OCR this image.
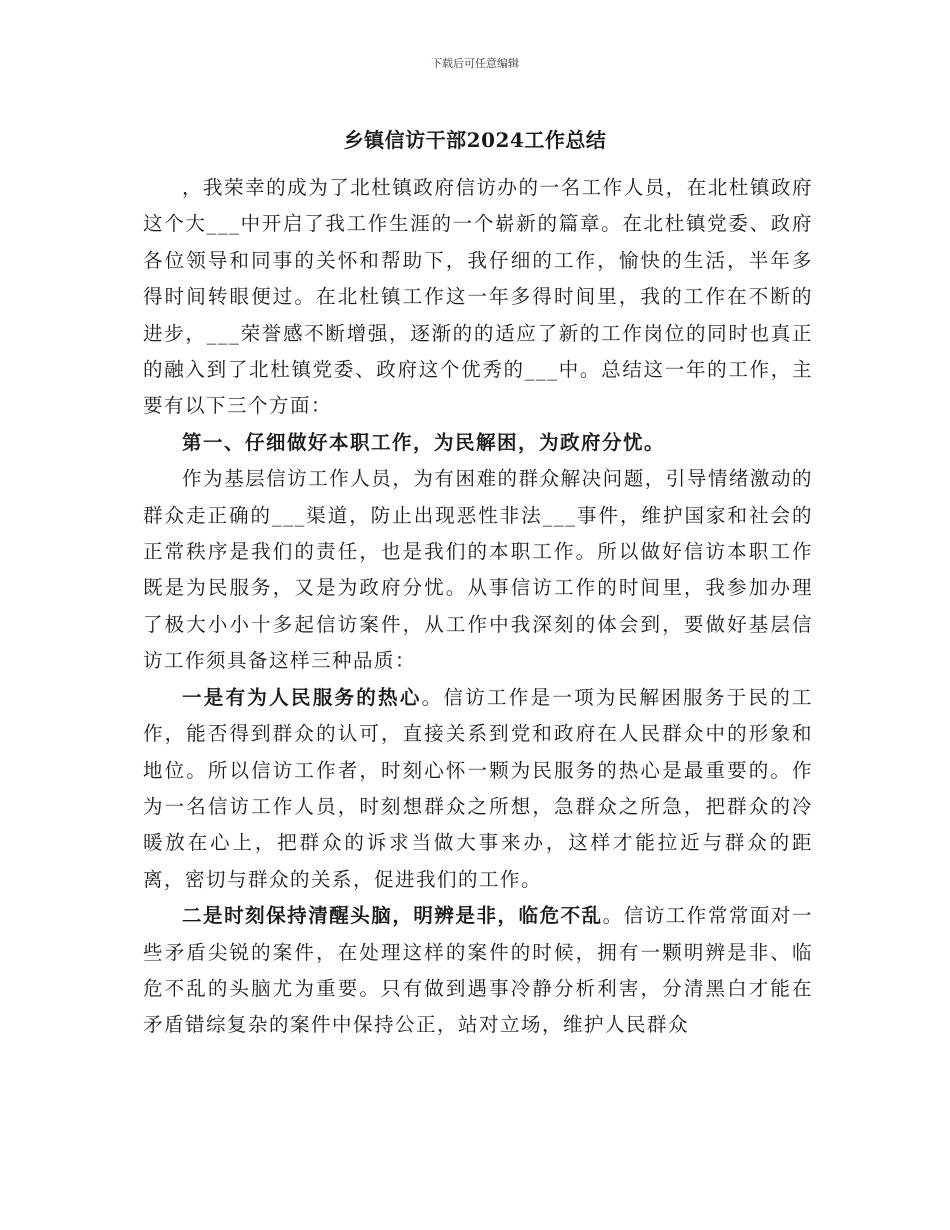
下载后可任意编辑
乡镇信访干部2024工作总结

，我荣幸的成为了北杜镇政府信访办的一名工作人员，在北杜镇政府这个大___中开启了我工作生涯的一个崭新的篇章。在北杜镇党委、政府各位领导和同事的关怀和帮助下，我仔细的工作，愉快的生活，半年多得时间转眼便过。在北杜镇工作这一年多得时间里，我的工作在不断的进步，___荣誉感不断增强，逐渐的的适应了新的工作岗位的同时也真正的融入到了北杜镇党委、政府这个优秀的___中。总结这一年的工作，主要有以下三个方面：

第一、仔细做好本职工作，为民解困，为政府分忧。

作为基层信访工作人员，为有困难的群众解决问题，引导情绪激动的群众走正确的___渠道，防止出现恶性非法___事件，维护国家和社会的正常秩序是我们的责任，也是我们的本职工作。所以做好信访本职工作既是为民服务，又是为政府分忧。从事信访工作的时间里，我参加办理了极大小小十多起信访案件，从工作中我深刻的体会到，要做好基层信访工作须具备这样三种品质：

一是有为人民服务的热心。信访工作是一项为民解困服务于民的工作，能否得到群众的认可，直接关系到党和政府在人民群众中的形象和地位。所以信访工作者，时刻心怀一颗为民服务的热心是最重要的。作为一名信访工作人员，时刻想群众之所想，急群众之所急，把群众的冷暖放在心上，把群众的诉求当做大事来办，这样才能拉近与群众的距离，密切与群众的关系，促进我们的工作。

二是时刻保持清醒头脑，明辨是非，临危不乱。信访工作常常面对一些矛盾尖锐的案件，在处理这样的案件的时候，拥有一颗明辨是非、临危不乱的头脑尤为重要。只有做到遇事冷静分析利害，分清黑白才能在矛盾错综复杂的案件中保持公正，站对立场，维护人民群众
